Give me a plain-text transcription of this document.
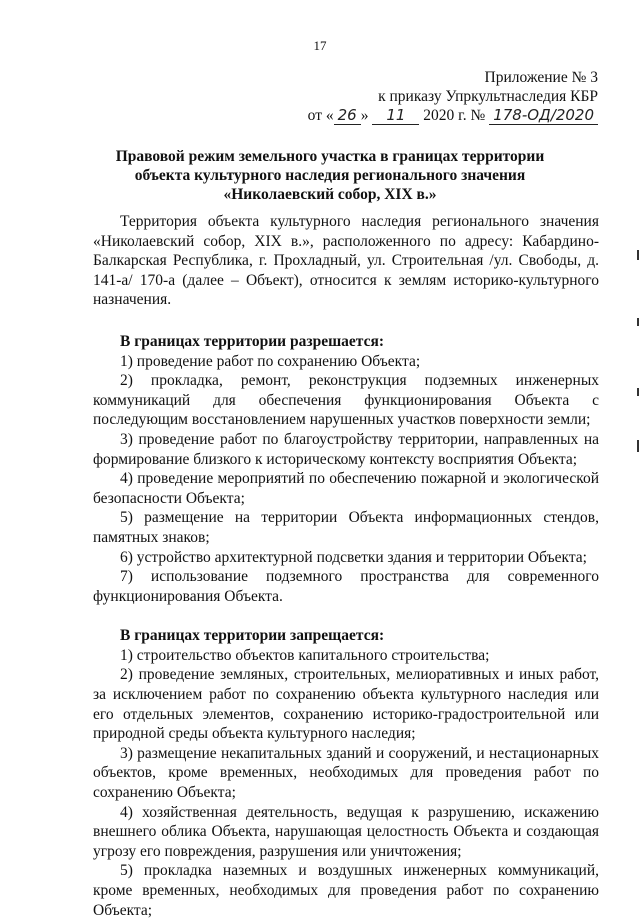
17
Приложение № 3
к приказу Упркультнаследия КБР
от « 26 » 11 2020 г. № 178-ОД/2020
Правовой режим земельного участка в границах территории
объекта культурного наследия регионального значения
«Николаевский собор, XIX в.»

Территория объекта культурного наследия регионального значения «Николаевский собор, XIX в.», расположенного по адресу: Кабардино-Балкарская Республика, г. Прохладный, ул. Строительная /ул. Свободы, д. 141-а/ 170-а (далее – Объект), относится к землям историко-культурного назначения.

В границах территории разрешается:

1) проведение работ по сохранению Объекта;

2) прокладка, ремонт, реконструкция подземных инженерных коммуникаций для обеспечения функционирования Объекта с последующим восстановлением нарушенных участков поверхности земли;

3) проведение работ по благоустройству территории, направленных на формирование близкого к историческому контексту восприятия Объекта;

4) проведение мероприятий по обеспечению пожарной и экологической безопасности Объекта;

5) размещение на территории Объекта информационных стендов, памятных знаков;

6) устройство архитектурной подсветки здания и территории Объекта;

7) использование подземного пространства для современного функционирования Объекта.

В границах территории запрещается:

1) строительство объектов капитального строительства;

2) проведение земляных, строительных, мелиоративных и иных работ, за исключением работ по сохранению объекта культурного наследия или его отдельных элементов, сохранению историко-градостроительной или природной среды объекта культурного наследия;

3) размещение некапитальных зданий и сооружений, и нестационарных объектов, кроме временных, необходимых для проведения работ по сохранению Объекта;

4) хозяйственная деятельность, ведущая к разрушению, искажению внешнего облика Объекта, нарушающая целостность Объекта и создающая угрозу его повреждения, разрушения или уничтожения;

5) прокладка наземных и воздушных инженерных коммуникаций, кроме временных, необходимых для проведения работ по сохранению Объекта;
